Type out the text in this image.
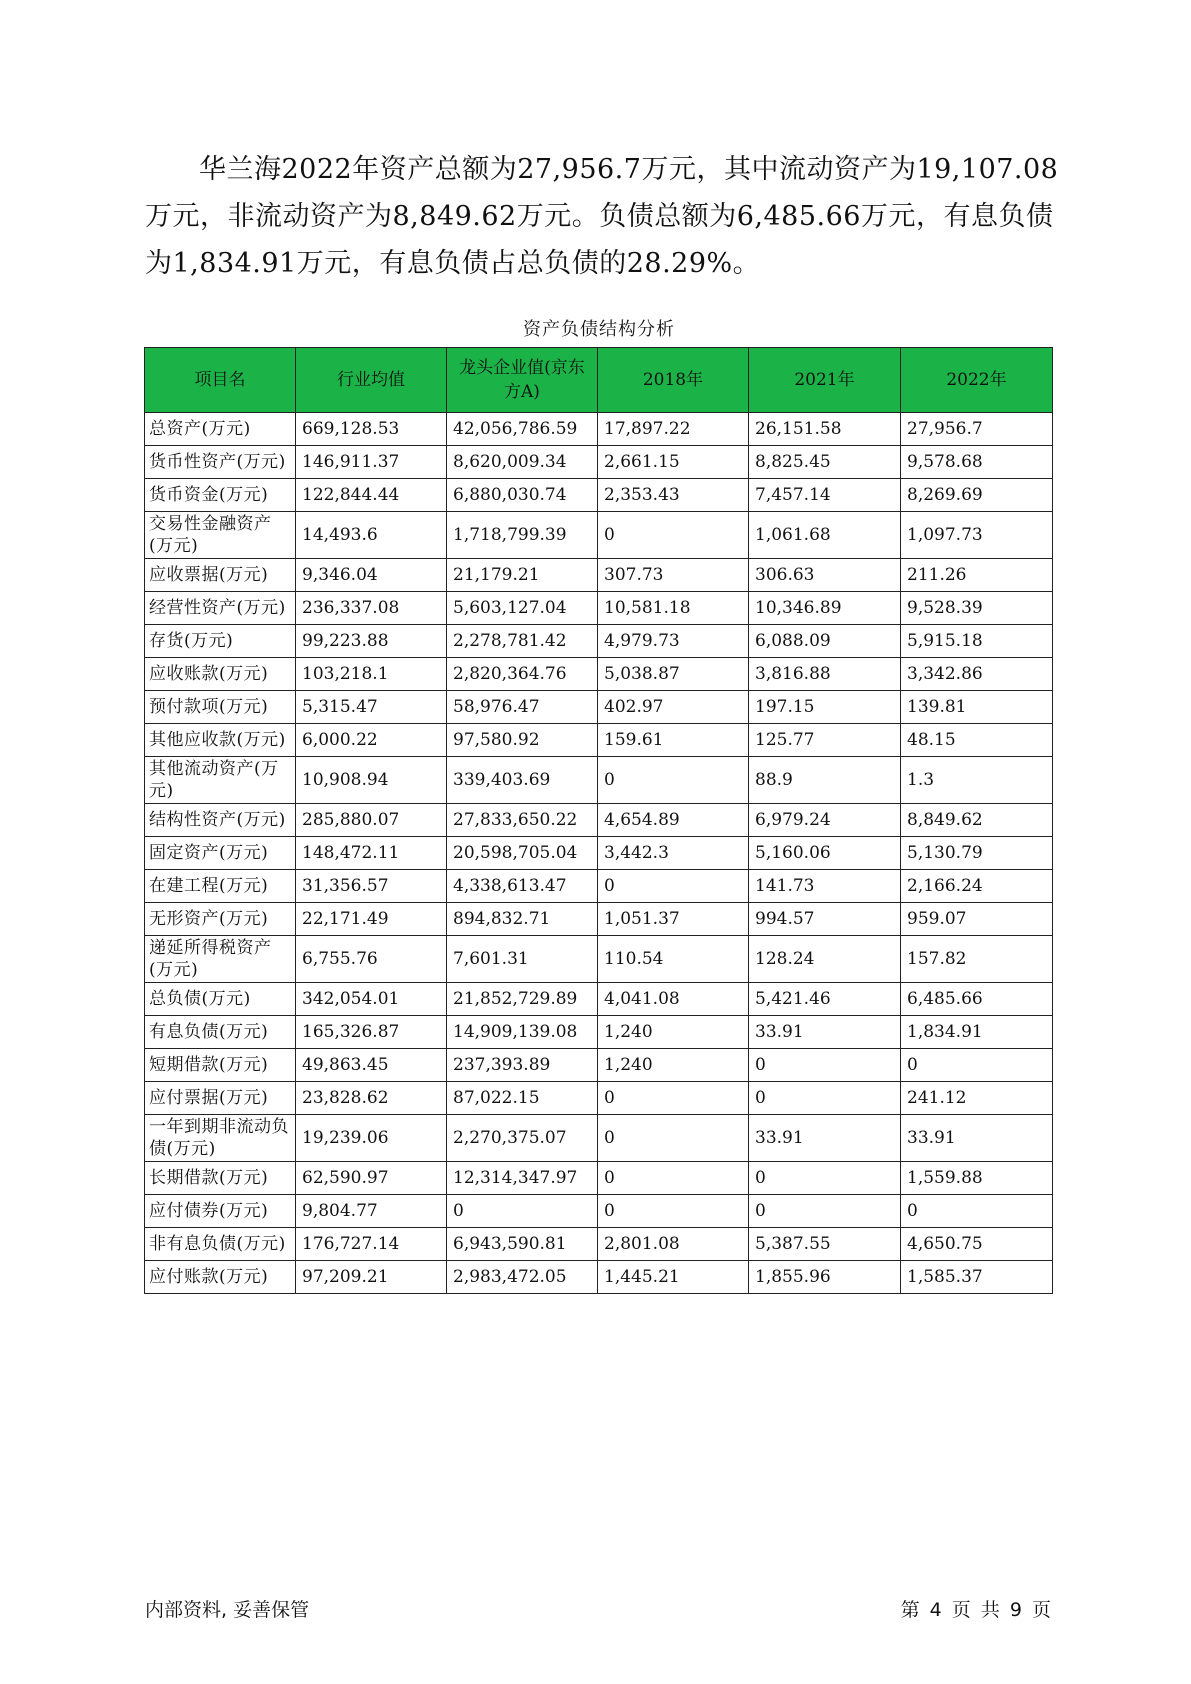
华兰海2022年资产总额为27,956.7万元，其中流动资产为19,107.08万元，非流动资产为8,849.62万元。负债总额为6,485.66万元，有息负债为1,834.91万元，有息负债占总负债的28.29%。

资产负债结构分析
项目名	行业均值	龙头企业值(京东方A)	2018年	2021年	2022年
总资产(万元)	669,128.53	42,056,786.59	17,897.22	26,151.58	27,956.7
货币性资产(万元)	146,911.37	8,620,009.34	2,661.15	8,825.45	9,578.68
货币资金(万元)	122,844.44	6,880,030.74	2,353.43	7,457.14	8,269.69
交易性金融资产(万元)	14,493.6	1,718,799.39	0	1,061.68	1,097.73
应收票据(万元)	9,346.04	21,179.21	307.73	306.63	211.26
经营性资产(万元)	236,337.08	5,603,127.04	10,581.18	10,346.89	9,528.39
存货(万元)	99,223.88	2,278,781.42	4,979.73	6,088.09	5,915.18
应收账款(万元)	103,218.1	2,820,364.76	5,038.87	3,816.88	3,342.86
预付款项(万元)	5,315.47	58,976.47	402.97	197.15	139.81
其他应收款(万元)	6,000.22	97,580.92	159.61	125.77	48.15
其他流动资产(万元)	10,908.94	339,403.69	0	88.9	1.3
结构性资产(万元)	285,880.07	27,833,650.22	4,654.89	6,979.24	8,849.62
固定资产(万元)	148,472.11	20,598,705.04	3,442.3	5,160.06	5,130.79
在建工程(万元)	31,356.57	4,338,613.47	0	141.73	2,166.24
无形资产(万元)	22,171.49	894,832.71	1,051.37	994.57	959.07
递延所得税资产(万元)	6,755.76	7,601.31	110.54	128.24	157.82
总负债(万元)	342,054.01	21,852,729.89	4,041.08	5,421.46	6,485.66
有息负债(万元)	165,326.87	14,909,139.08	1,240	33.91	1,834.91
短期借款(万元)	49,863.45	237,393.89	1,240	0	0
应付票据(万元)	23,828.62	87,022.15	0	0	241.12
一年到期非流动负债(万元)	19,239.06	2,270,375.07	0	33.91	33.91
长期借款(万元)	62,590.97	12,314,347.97	0	0	1,559.88
应付债券(万元)	9,804.77	0	0	0	0
非有息负债(万元)	176,727.14	6,943,590.81	2,801.08	5,387.55	4,650.75
应付账款(万元)	97,209.21	2,983,472.05	1,445.21	1,855.96	1,585.37
内部资料, 妥善保管	第 4 页 共 9 页
